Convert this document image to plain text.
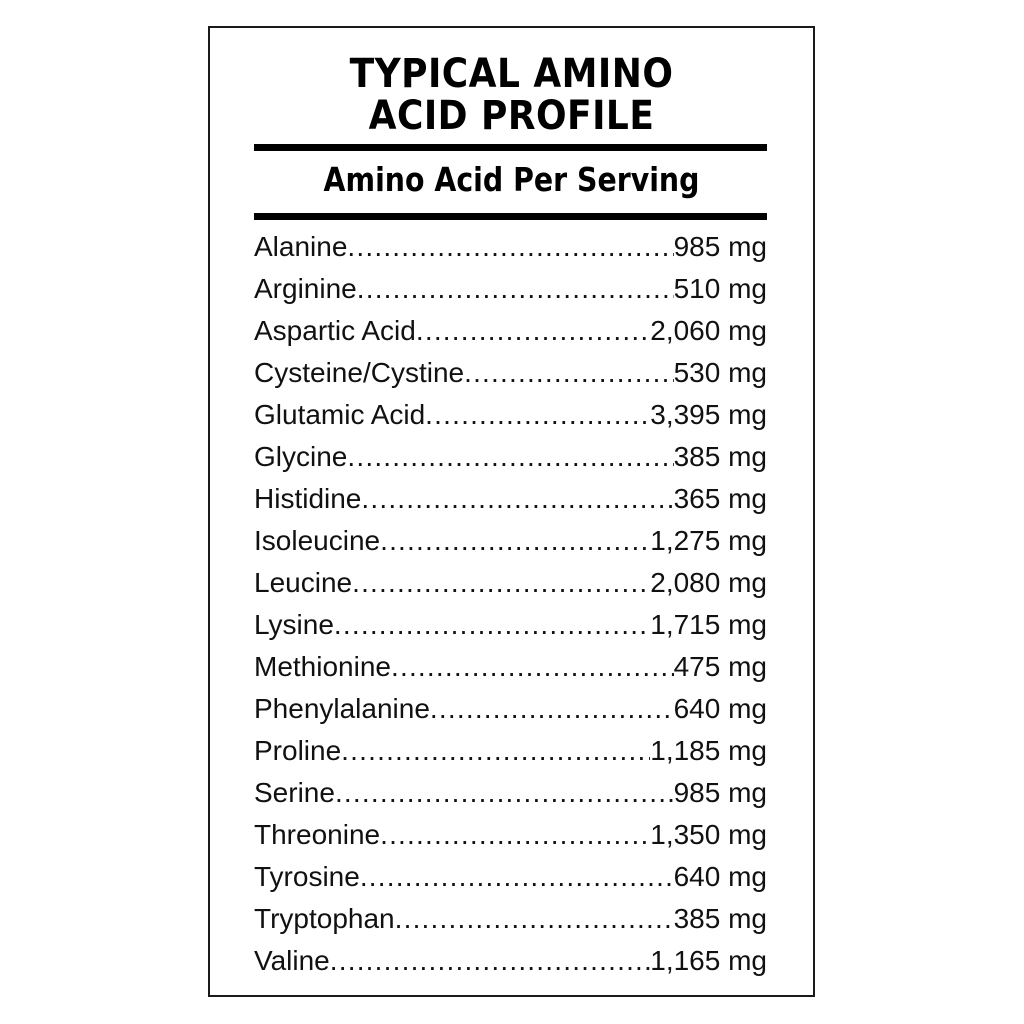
TYPICAL AMINO
ACID PROFILE
Amino Acid Per Serving
Alanine .....	985 mg
Arginine .....	510 mg
Aspartic Acid .....	2,060 mg
Cysteine/Cystine .....	530 mg
Glutamic Acid .....	3,395 mg
Glycine .....	385 mg
Histidine .....	365 mg
Isoleucine .....	1,275 mg
Leucine .....	2,080 mg
Lysine .....	1,715 mg
Methionine .....	475 mg
Phenylalanine .....	640 mg
Proline .....	1,185 mg
Serine .....	985 mg
Threonine .....	1,350 mg
Tyrosine .....	640 mg
Tryptophan .....	385 mg
Valine .....	1,165 mg
